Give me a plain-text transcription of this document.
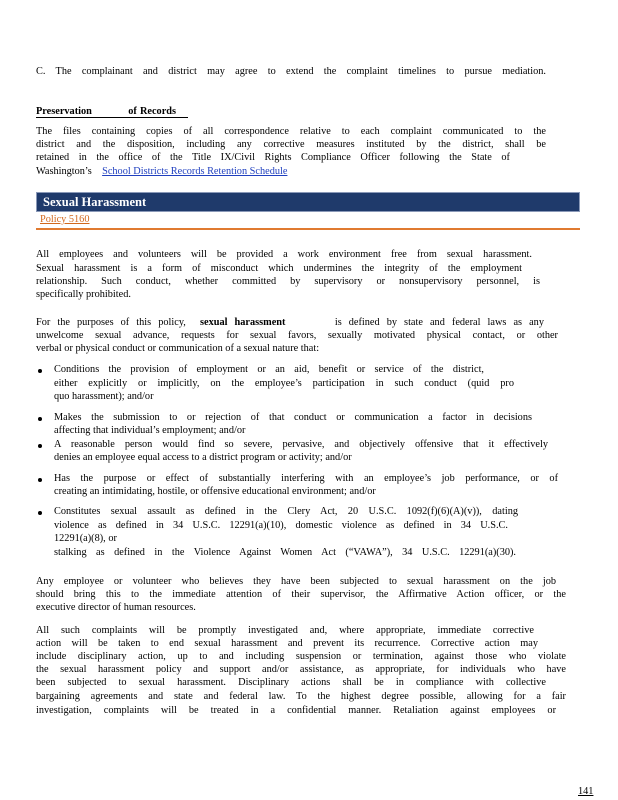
C. The complainant and district may agree to extend the complaint timelines to pursue mediation.
Preservation	of Records
The files containing copies of all correspondence relative to each complaint communicated to the
district and the disposition, including any corrective measures instituted by the district, shall be
retained in the office of the Title IX/Civil Rights Compliance Officer following the State of
Washington’s School Districts Records Retention Schedule
Sexual Harassment
Policy 5160
All employees and volunteers will be provided a work environment free from sexual harassment.
Sexual harassment is a form of misconduct which undermines the integrity of the employment
relationship. Such conduct, whether committed by supervisory or nonsupervisory personnel, is
specifically prohibited.
For the purposes of this policy, sexual harassment	is defined by state and federal laws as any
unwelcome sexual advance, requests for sexual favors, sexually motivated physical contact, or other
verbal or physical conduct or communication of a sexual nature that:
Conditions the provision of employment or an aid, benefit or service of the district,
either explicitly or implicitly, on the employee’s participation in such conduct (quid pro
quo harassment); and/or
Makes the submission to or rejection of that conduct or communication a factor in decisions
affecting that individual’s employment; and/or
A reasonable person would find so severe, pervasive, and objectively offensive that it effectively
denies an employee equal access to a district program or activity; and/or
Has the purpose or effect of substantially interfering with an employee’s job performance, or of
creating an intimidating, hostile, or offensive educational environment; and/or
Constitutes sexual assault as defined in the Clery Act, 20 U.S.C. 1092(f)(6)(A)(v)), dating
violence as defined in 34 U.S.C. 12291(a)(10), domestic violence as defined in 34 U.S.C.
12291(a)(8), or
stalking as defined in the Violence Against Women Act (“VAWA”), 34 U.S.C. 12291(a)(30).
Any employee or volunteer who believes they have been subjected to sexual harassment on the job
should bring this to the immediate attention of their supervisor, the Affirmative Action officer, or the
executive director of human resources.
All such complaints will be promptly investigated and, where appropriate, immediate corrective
action will be taken to end sexual harassment and prevent its recurrence. Corrective action may
include disciplinary action, up to and including suspension or termination, against those who violate
the sexual harassment policy and support and/or assistance, as appropriate, for individuals who have
been subjected to sexual harassment. Disciplinary actions shall be in compliance with collective
bargaining agreements and state and federal law. To the highest degree possible, allowing for a fair
investigation, complaints will be treated in a confidential manner. Retaliation against employees or
141
